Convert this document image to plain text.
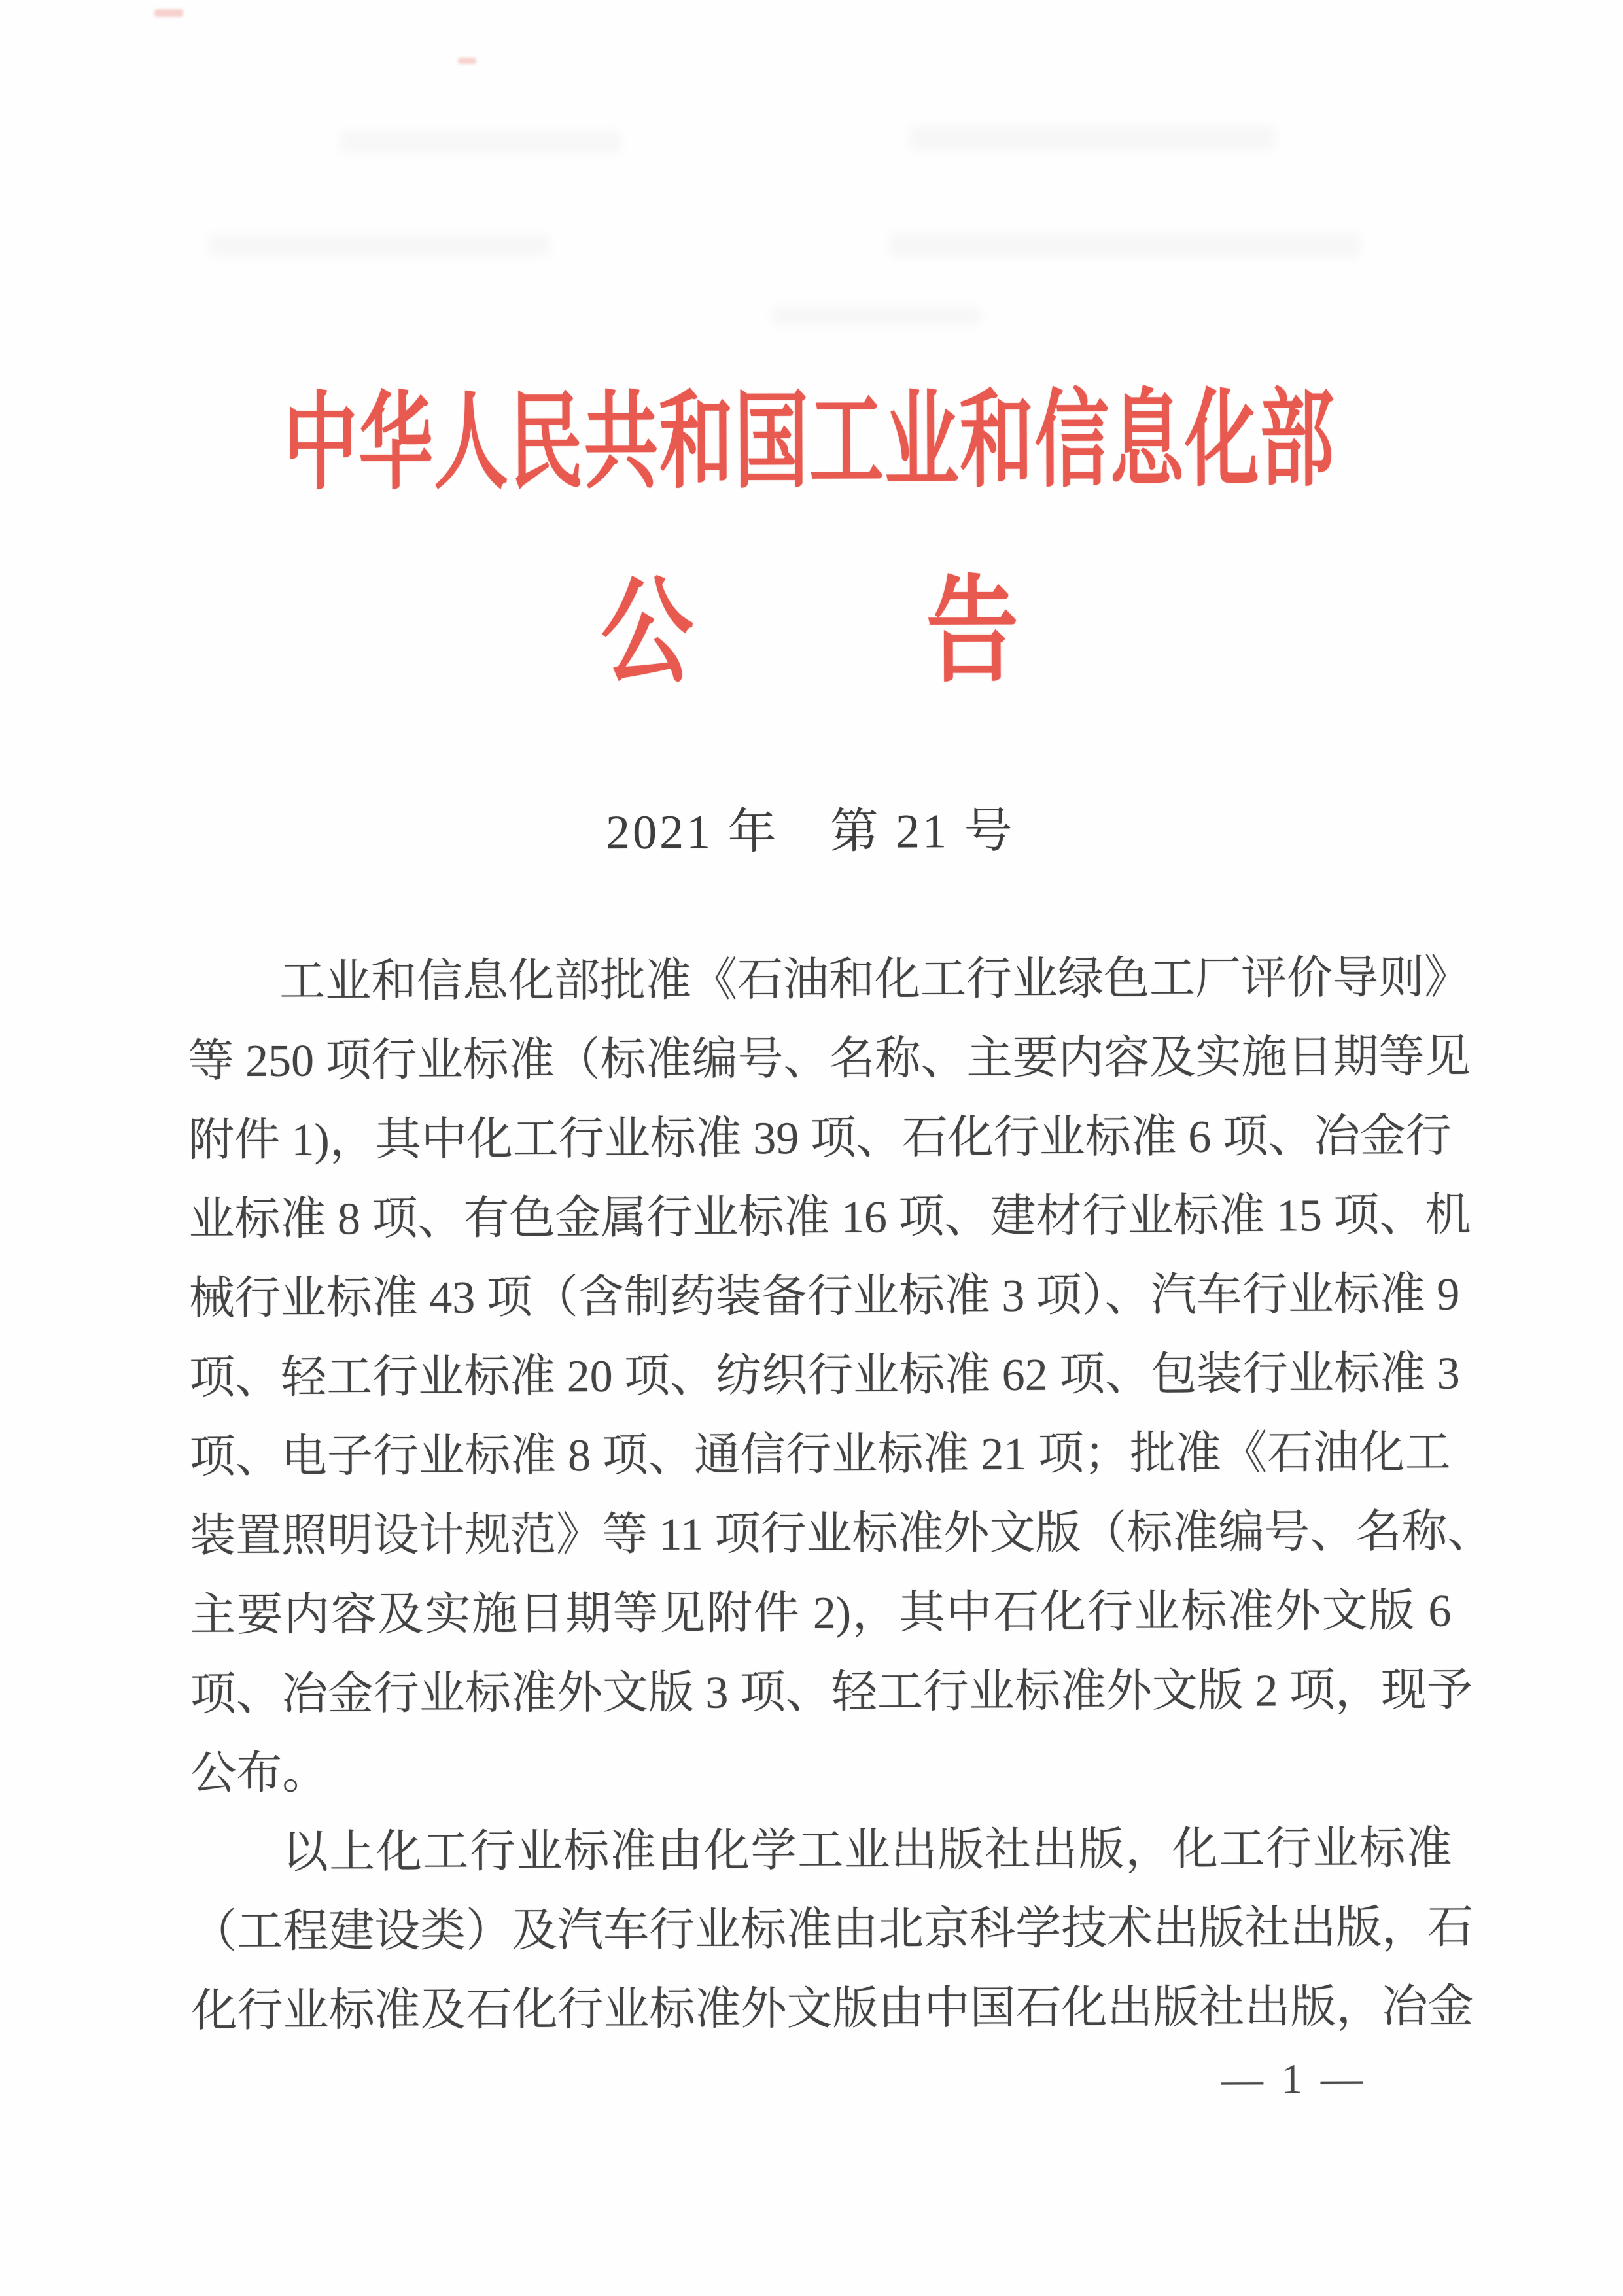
中华人民共和国工业和信息化部
公 告
2021 年　第 21 号
工业和信息化部批准《石油和化工行业绿色工厂评价导则》
等 250 项行业标准（标准编号、名称、主要内容及实施日期等见
附件 1)，其中化工行业标准 39 项、石化行业标准 6 项、冶金行
业标准 8 项、有色金属行业标准 16 项、建材行业标准 15 项、机
械行业标准 43 项（含制药装备行业标准 3 项）、汽车行业标准 9
项、轻工行业标准 20 项、纺织行业标准 62 项、包装行业标准 3
项、电子行业标准 8 项、通信行业标准 21 项；批准《石油化工
装置照明设计规范》等 11 项行业标准外文版（标准编号、名称、
主要内容及实施日期等见附件 2)，其中石化行业标准外文版 6
项、冶金行业标准外文版 3 项、轻工行业标准外文版 2 项，现予
公布。
以上化工行业标准由化学工业出版社出版，化工行业标准
（工程建设类）及汽车行业标准由北京科学技术出版社出版，石
化行业标准及石化行业标准外文版由中国石化出版社出版，冶金
— 1 —
